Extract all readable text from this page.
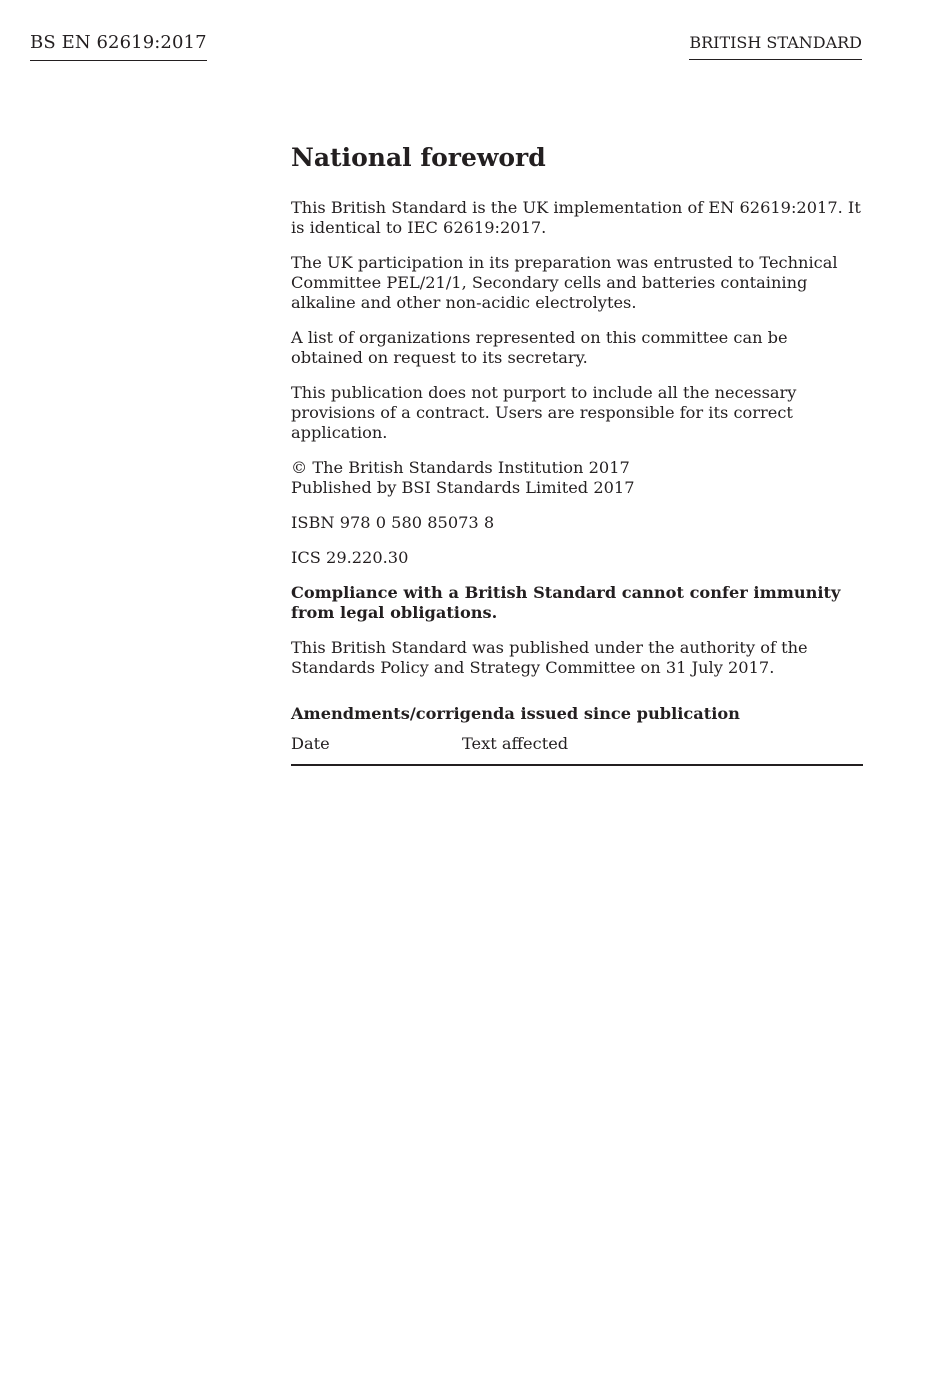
BS EN 62619:2017	BRITISH STANDARD
National foreword

This British Standard is the UK implementation of EN 62619:2017. It is identical to IEC 62619:2017.

The UK participation in its preparation was entrusted to Technical Committee PEL/21/1, Secondary cells and batteries containing alkaline and other non-acidic electrolytes.

A list of organizations represented on this committee can be obtained on request to its secretary.

This publication does not purport to include all the necessary provisions of a contract. Users are responsible for its correct application.

© The British Standards Institution 2017
Published by BSI Standards Limited 2017

ISBN 978 0 580 85073 8

ICS 29.220.30

Compliance with a British Standard cannot confer immunity from legal obligations.

This British Standard was published under the authority of the Standards Policy and Strategy Committee on 31 July 2017.

Amendments/corrigenda issued since publication
Date	Text affected
